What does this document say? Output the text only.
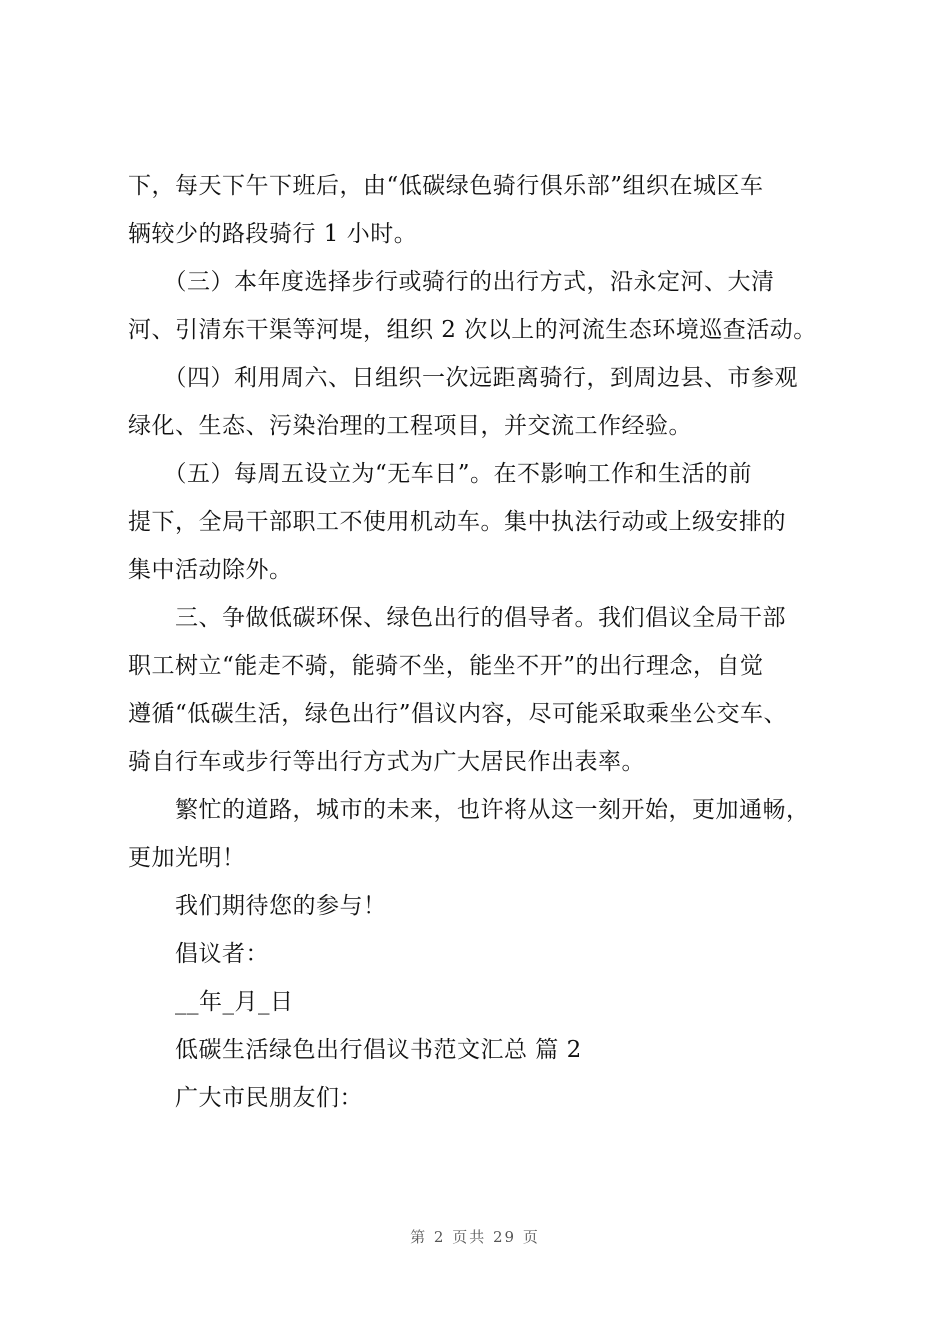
下，每天下午下班后，由“低碳绿色骑行俱乐部”组织在城区车

辆较少的路段骑行 1 小时。

　　（三）本年度选择步行或骑行的出行方式，沿永定河、大清

河、引清东干渠等河堤，组织 2 次以上的河流生态环境巡查活动。

　　（四）利用周六、日组织一次远距离骑行，到周边县、市参观

绿化、生态、污染治理的工程项目，并交流工作经验。

　　（五）每周五设立为“无车日”。在不影响工作和生活的前

提下，全局干部职工不使用机动车。集中执法行动或上级安排的

集中活动除外。

　　三、争做低碳环保、绿色出行的倡导者。我们倡议全局干部

职工树立“能走不骑，能骑不坐，能坐不开”的出行理念，自觉

遵循“低碳生活，绿色出行”倡议内容，尽可能采取乘坐公交车、

骑自行车或步行等出行方式为广大居民作出表率。

　　繁忙的道路，城市的未来，也许将从这一刻开始，更加通畅，

更加光明！

　　我们期待您的参与！

　　倡议者：

　　__年_月_日

　　低碳生活绿色出行倡议书范文汇总 篇 2

　　广大市民朋友们：

第 2 页共 29 页
